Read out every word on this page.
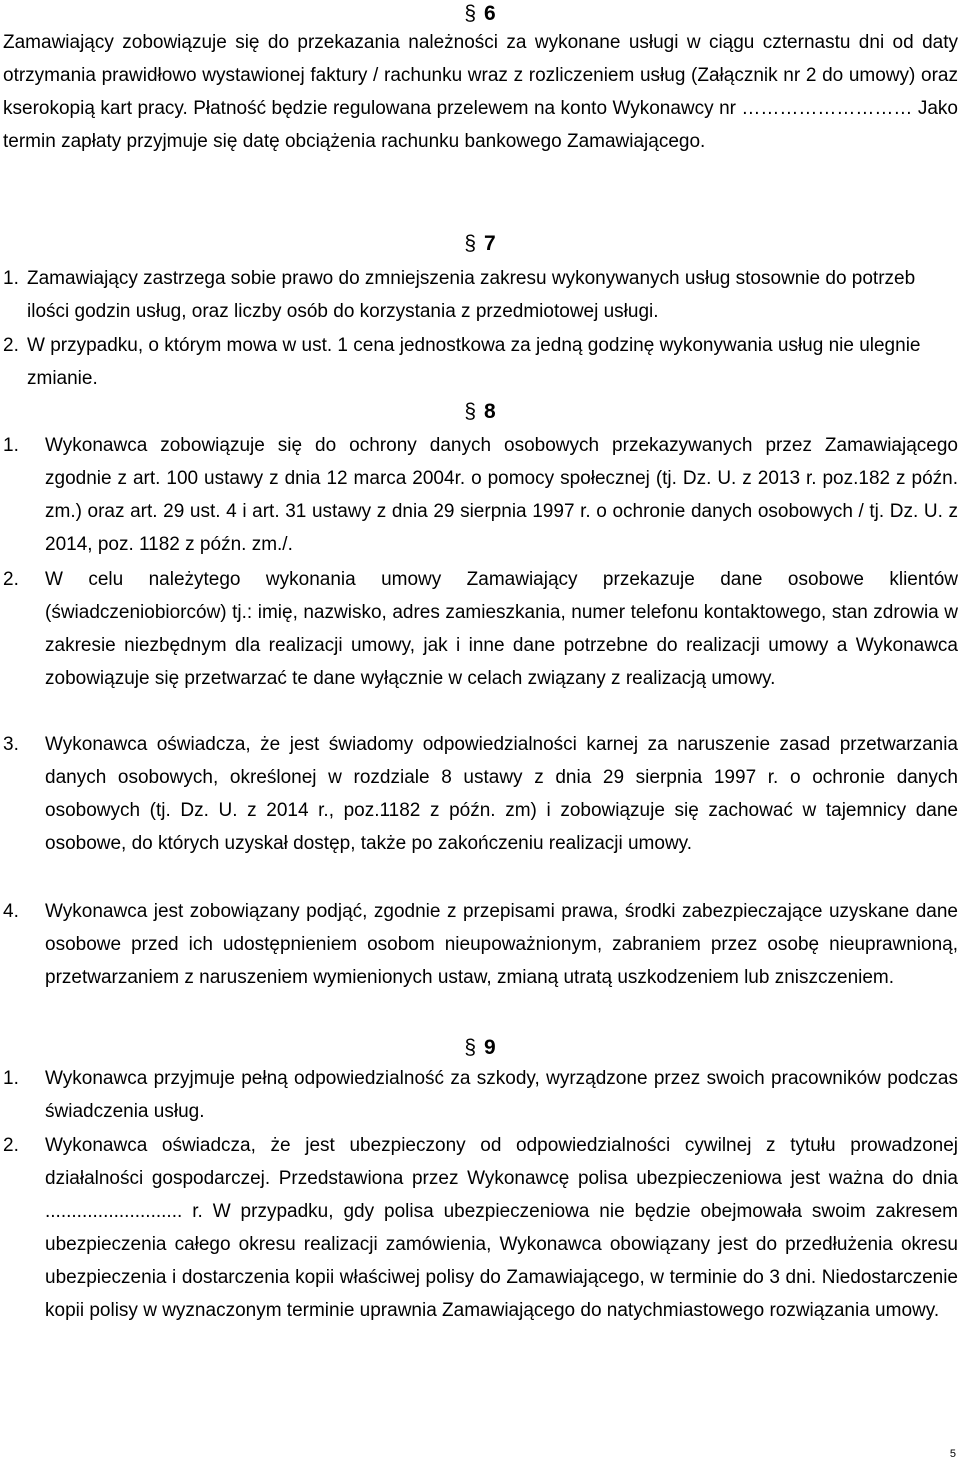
§ 6

Zamawiający zobowiązuje się do przekazania należności za wykonane usługi w ciągu czternastu dni od daty otrzymania prawidłowo wystawionej faktury / rachunku wraz z rozliczeniem usług (Załącznik nr 2 do umowy) oraz kserokopią kart pracy. Płatność będzie regulowana przelewem na konto Wykonawcy nr ……………………… Jako termin zapłaty przyjmuje się datę obciążenia rachunku bankowego Zamawiającego.

§ 7
1. Zamawiający zastrzega sobie prawo do zmniejszenia zakresu wykonywanych usług stosownie do potrzeb ilości godzin usług, oraz liczby osób do korzystania z przedmiotowej usługi.
2. W przypadku, o którym mowa w ust. 1 cena jednostkowa za jedną godzinę wykonywania usług nie ulegnie zmianie.
§ 8
1.	Wykonawca zobowiązuje się do ochrony danych osobowych przekazywanych przez Zamawiającego zgodnie z art. 100 ustawy z dnia 12 marca 2004r. o pomocy społecznej (tj. Dz. U. z 2013 r. poz.182 z późn. zm.) oraz art. 29 ust. 4 i art. 31 ustawy z dnia 29 sierpnia 1997 r. o ochronie danych osobowych / tj. Dz. U. z 2014, poz. 1182 z późn. zm./.
2.	W celu należytego wykonania umowy Zamawiający przekazuje dane osobowe klientów (świadczeniobiorców) tj.: imię, nazwisko, adres zamieszkania, numer telefonu kontaktowego, stan zdrowia w zakresie niezbędnym dla realizacji umowy, jak i inne dane potrzebne do realizacji umowy a Wykonawca zobowiązuje się przetwarzać te dane wyłącznie w celach związany z realizacją umowy.
3.	Wykonawca oświadcza, że jest świadomy odpowiedzialności karnej za naruszenie zasad przetwarzania danych osobowych, określonej w rozdziale 8 ustawy z dnia 29 sierpnia 1997 r. o ochronie danych osobowych (tj. Dz. U. z 2014 r., poz.1182 z późn. zm) i zobowiązuje się zachować w tajemnicy dane osobowe, do których uzyskał dostęp, także po zakończeniu realizacji umowy.
4.	Wykonawca jest zobowiązany podjąć, zgodnie z przepisami prawa, środki zabezpieczające uzyskane dane osobowe przed ich udostępnieniem osobom nieupoważnionym, zabraniem przez osobę nieuprawnioną, przetwarzaniem z naruszeniem wymienionych ustaw, zmianą utratą uszkodzeniem lub zniszczeniem.
§ 9
1.	Wykonawca przyjmuje pełną odpowiedzialność za szkody, wyrządzone przez swoich pracowników podczas świadczenia usług.
2.	Wykonawca oświadcza, że jest ubezpieczony od odpowiedzialności cywilnej z tytułu prowadzonej działalności gospodarczej. Przedstawiona przez Wykonawcę polisa ubezpieczeniowa jest ważna do dnia .......................... r. W przypadku, gdy polisa ubezpieczeniowa nie będzie obejmowała swoim zakresem ubezpieczenia całego okresu realizacji zamówienia, Wykonawca obowiązany jest do przedłużenia okresu ubezpieczenia i dostarczenia kopii właściwej polisy do Zamawiającego, w terminie do 3 dni. Niedostarczenie kopii polisy w wyznaczonym terminie uprawnia Zamawiającego do natychmiastowego rozwiązania umowy.
5
